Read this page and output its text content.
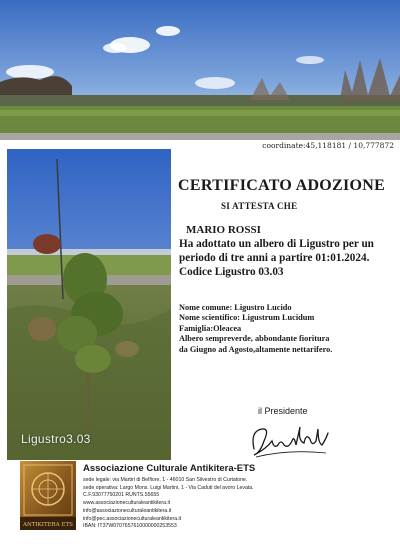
coordinate:45,118181 / 10,777872
Ligustro3.03
CERTIFICATO ADOZIONE
SI ATTESTA CHE
MARIO ROSSI
Ha adottato un albero di Ligustro per un
periodo di tre anni a partire 01:01.2024.
Codice Ligustro 03.03
Nome comune: Ligustro Lucido
Nome scientifico: Ligustrum Lucidum
Famiglia:Oleacea
Albero sempreverde, abbondante fioritura
da Giugno ad Agosto,altamente nettarifero.
il Presidente
ANTIKITERA ETS
Associazione Culturale Antikitera-ETS
sede legale: via Martiri di Belfiore, 1 - 46010 San Silvestro di Curtatone.
sede operativa: Largo Mons. Luigi Martini, 1 - Via Caduti del avoro Levata.
C.F.93077750201 RUNTS.55655
www.associazioneculturaleantikitera.it
info@associazioneculturaleantikitera.it
info@pec.associazioneculturaleantikitera.it
IBAN: IT37W0707657610000000253553
